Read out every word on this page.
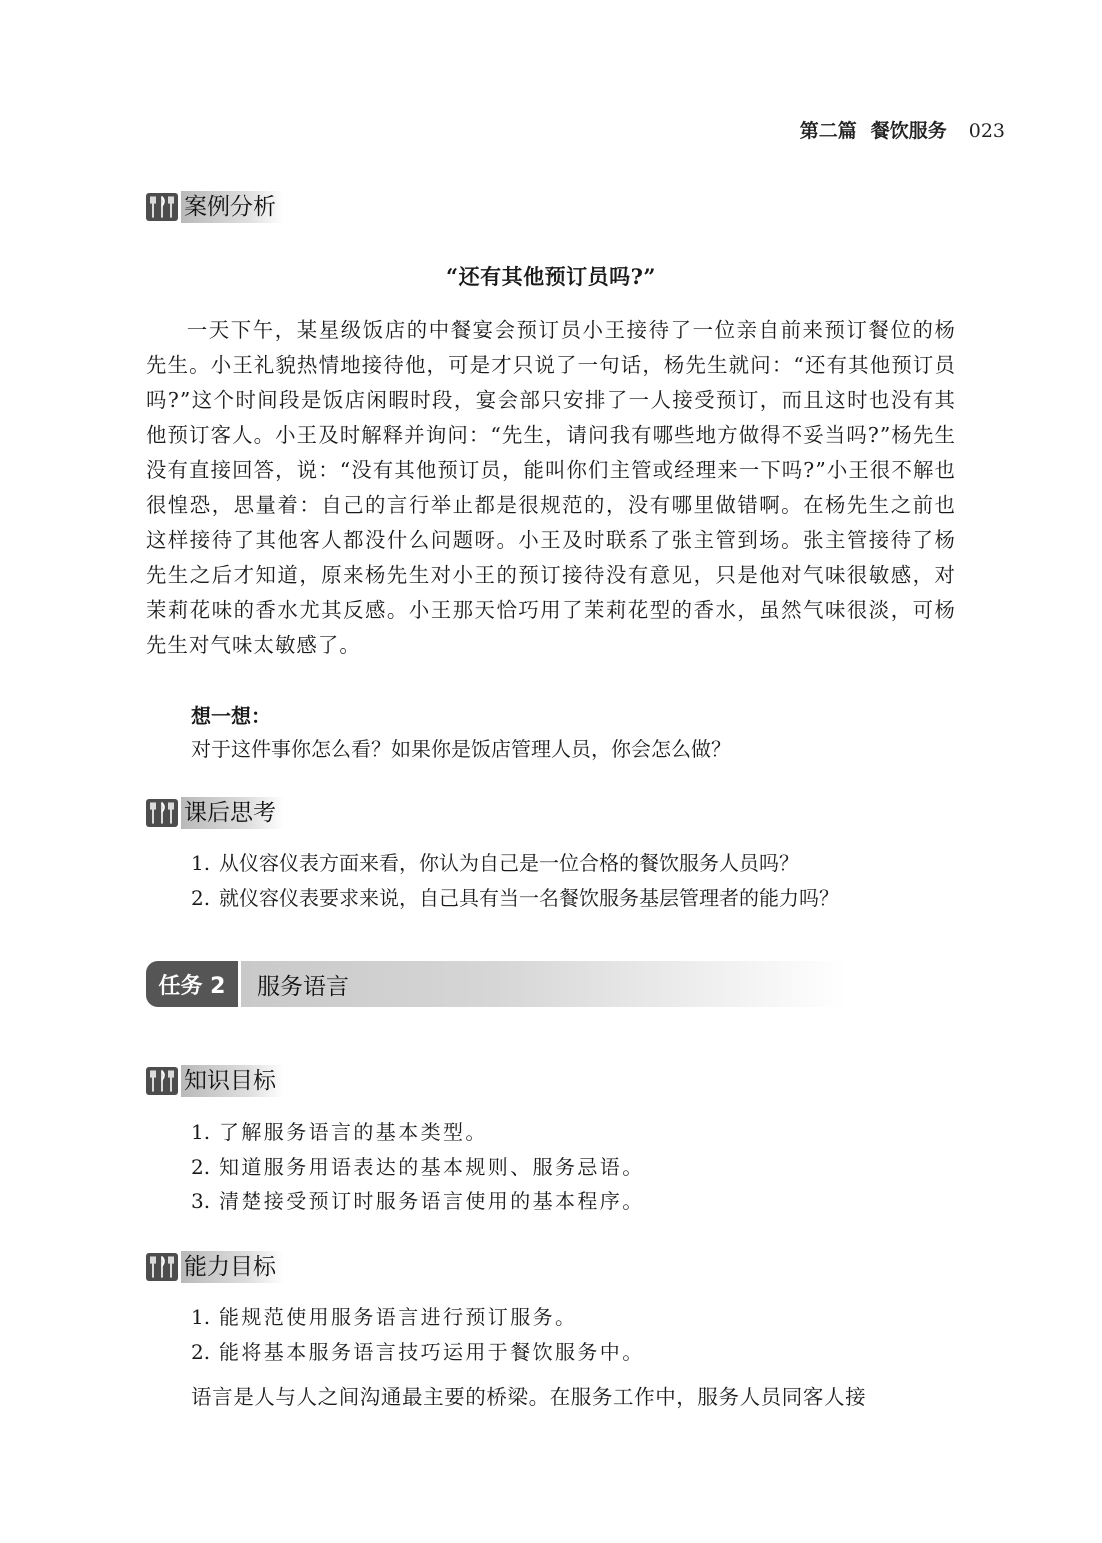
第二篇 餐饮服务 023
案例分析
“还有其他预订员吗?”

一天下午，某星级饭店的中餐宴会预订员小王接待了一位亲自前来预订餐位的杨先生。小王礼貌热情地接待他，可是才只说了一句话，杨先生就问：“还有其他预订员吗?”这个时间段是饭店闲暇时段，宴会部只安排了一人接受预订，而且这时也没有其他预订客人。小王及时解释并询问：“先生，请问我有哪些地方做得不妥当吗?”杨先生没有直接回答，说：“没有其他预订员，能叫你们主管或经理来一下吗?”小王很不解也很惶恐，思量着：自己的言行举止都是很规范的，没有哪里做错啊。在杨先生之前也这样接待了其他客人都没什么问题呀。小王及时联系了张主管到场。张主管接待了杨先生之后才知道，原来杨先生对小王的预订接待没有意见，只是他对气味很敏感，对茉莉花味的香水尤其反感。小王那天恰巧用了茉莉花型的香水，虽然气味很淡，可杨先生对气味太敏感了。

想一想：
对于这件事你怎么看？如果你是饭店管理人员，你会怎么做？
课后思考
1. 从仪容仪表方面来看，你认为自己是一位合格的餐饮服务人员吗？
2. 就仪容仪表要求来说，自己具有当一名餐饮服务基层管理者的能力吗？
任务 2	服务语言
知识目标
1. 了解服务语言的基本类型。
2. 知道服务用语表达的基本规则、服务忌语。
3. 清楚接受预订时服务语言使用的基本程序。
能力目标
1. 能规范使用服务语言进行预订服务。
2. 能将基本服务语言技巧运用于餐饮服务中。

语言是人与人之间沟通最主要的桥梁。在服务工作中，服务人员同客人接
